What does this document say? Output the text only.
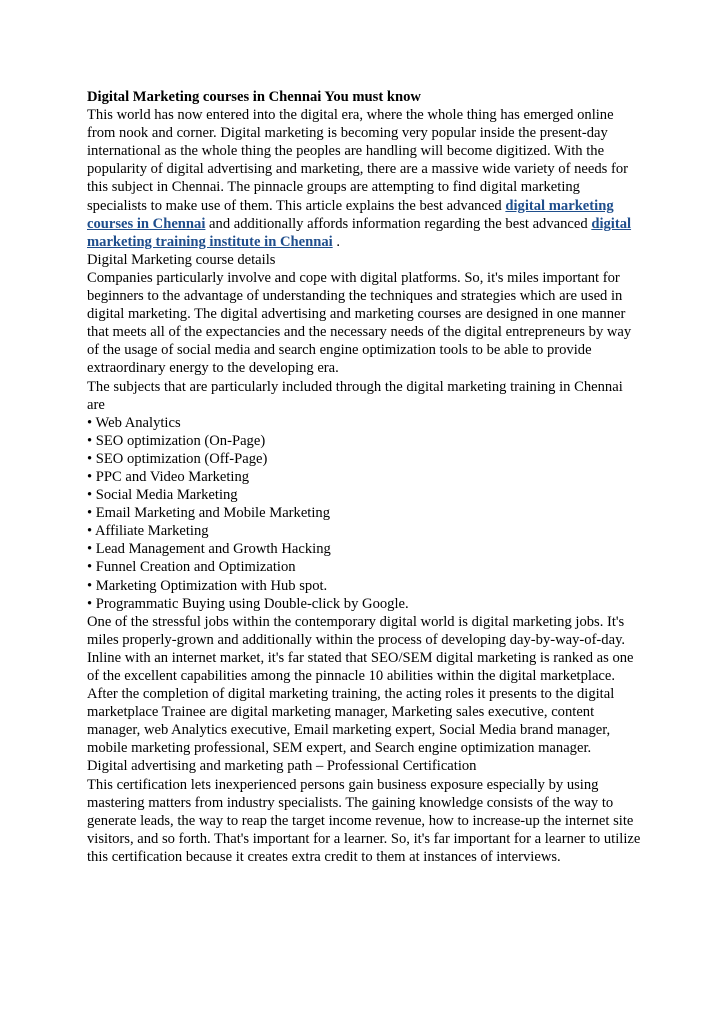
Digital Marketing courses in Chennai You must know

This world has now entered into the digital era, where the whole thing has emerged online from nook and corner. Digital marketing is becoming very popular inside the present-day international as the whole thing the peoples are handling will become digitized. With the popularity of digital advertising and marketing, there are a massive wide variety of needs for this subject in Chennai. The pinnacle groups are attempting to find digital marketing specialists to make use of them. This article explains the best advanced digital marketing courses in Chennai and additionally affords information regarding the best advanced digital marketing training institute in Chennai .

Digital Marketing course details

Companies particularly involve and cope with digital platforms. So, it's miles important for beginners to the advantage of understanding the techniques and strategies which are used in digital marketing. The digital advertising and marketing courses are designed in one manner that meets all of the expectancies and the necessary needs of the digital entrepreneurs by way of the usage of social media and search engine optimization tools to be able to provide extraordinary energy to the developing era.

The subjects that are particularly included through the digital marketing training in Chennai are

• Web Analytics
• SEO optimization (On-Page)
• SEO optimization (Off-Page)
• PPC and Video Marketing
• Social Media Marketing
• Email Marketing and Mobile Marketing
• Affiliate Marketing
• Lead Management and Growth Hacking
• Funnel Creation and Optimization
• Marketing Optimization with Hub spot.
• Programmatic Buying using Double-click by Google.

One of the stressful jobs within the contemporary digital world is digital marketing jobs. It's miles properly-grown and additionally within the process of developing day-by-way-of-day. Inline with an internet market, it's far stated that SEO/SEM digital marketing is ranked as one of the excellent capabilities among the pinnacle 10 abilities within the digital marketplace. After the completion of digital marketing training, the acting roles it presents to the digital marketplace Trainee are digital marketing manager, Marketing sales executive, content manager, web Analytics executive, Email marketing expert, Social Media brand manager, mobile marketing professional, SEM expert, and Search engine optimization manager.

Digital advertising and marketing path – Professional Certification

This certification lets inexperienced persons gain business exposure especially by using mastering matters from industry specialists. The gaining knowledge consists of the way to generate leads, the way to reap the target income revenue, how to increase-up the internet site visitors, and so forth. That's important for a learner. So, it's far important for a learner to utilize this certification because it creates extra credit to them at instances of interviews.
